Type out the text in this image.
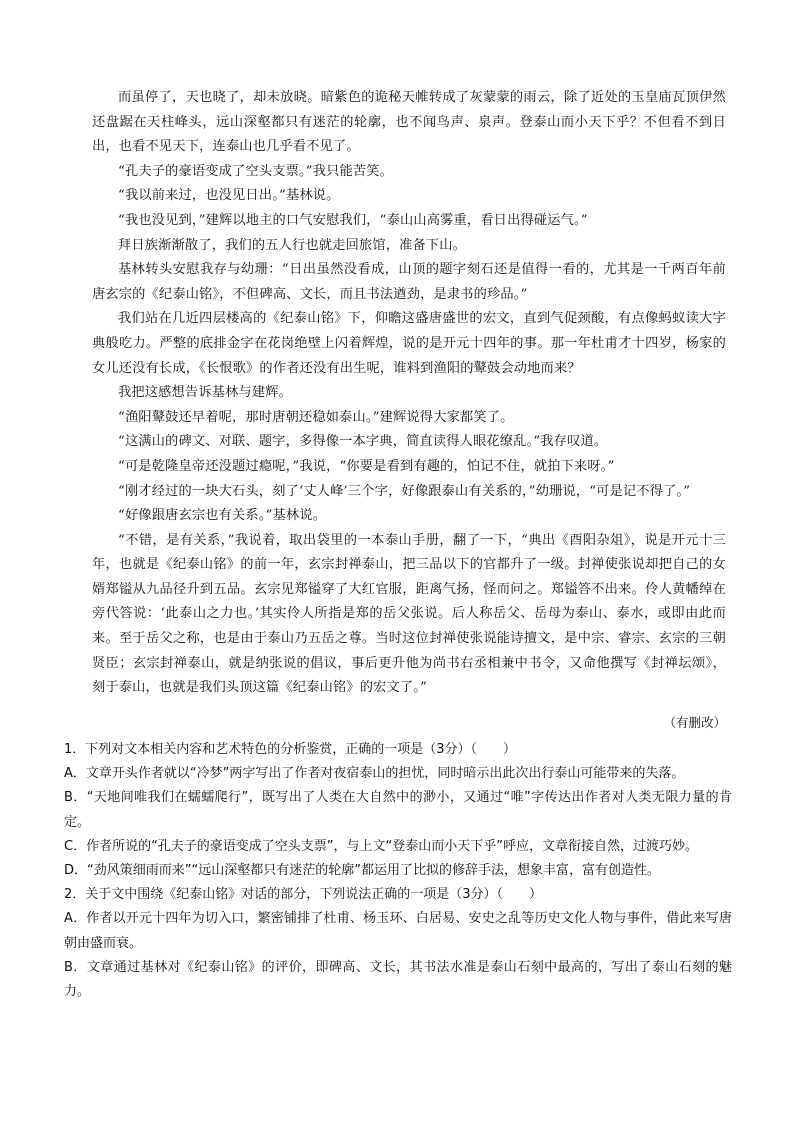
而虽停了，天也晓了，却未放晓。暗紫色的诡秘天帷转成了灰蒙蒙的雨云，除了近处的玉皇庙瓦顶伊然还盘踞在天柱峰头，远山深壑都只有迷茫的轮廓，也不闻鸟声、泉声。登泰山而小天下乎？不但看不到日出，也看不见天下，连泰山也几乎看不见了。

“孔夫子的豪语变成了空头支票。”我只能苦笑。

“我以前来过，也没见日出。”基林说。

“我也没见到，”建辉以地主的口气安慰我们，“泰山山高雾重，看日出得碰运气。”

拜日族渐渐散了，我们的五人行也就走回旅馆，准备下山。

基林转头安慰我存与幼珊：“日出虽然没看成，山顶的题字刻石还是值得一看的，尤其是一千两百年前唐玄宗的《纪泰山铭》，不但碑高、文长，而且书法遒劲，是隶书的珍品。”

我们站在几近四层楼高的《纪泰山铭》下，仰瞻这盛唐盛世的宏文，直到气促颈酸，有点像蚂蚁读大字典般吃力。严整的底排金字在花岗绝壁上闪着辉煌，说的是开元十四年的事。那一年杜甫才十四岁，杨家的女儿还没有长成，《长恨歌》的作者还没有出生呢，谁料到渔阳的鼙鼓会动地而来？

我把这感想告诉基林与建辉。

“渔阳鼙鼓还早着呢，那时唐朝还稳如泰山。”建辉说得大家都笑了。

“这满山的碑文、对联、题字，多得像一本字典，简直读得人眼花缭乱。”我存叹道。

“可是乾隆皇帝还没题过瘾呢，”我说，“你要是看到有趣的，怕记不住，就拍下来呀。”

“刚才经过的一块大石头，刻了‘丈人峰’三个字，好像跟泰山有关系的，”幼珊说，“可是记不得了。”

“好像跟唐玄宗也有关系。”基林说。

“不错，是有关系，”我说着，取出袋里的一本泰山手册，翻了一下，“典出《酉阳杂俎》，说是开元十三年，也就是《纪泰山铭》的前一年，玄宗封禅泰山，把三品以下的官都升了一级。封禅使张说却把自己的女婿郑镒从九品径升到五品。玄宗见郑镒穿了大红官服，距离气扬，怪而问之。郑镒答不出来。伶人黄幡绰在旁代答说：‘此泰山之力也。’其实伶人所指是郑的岳父张说。后人称岳父、岳母为泰山、泰水，或即由此而来。至于岳父之称，也是由于泰山乃五岳之尊。当时这位封禅使张说能诗擅文，是中宗、睿宗、玄宗的三朝贤臣；玄宗封禅泰山，就是纳张说的倡议，事后更升他为尚书右丞相兼中书令，又命他撰写《封禅坛颂》，刻于泰山，也就是我们头顶这篇《纪泰山铭》的宏文了。”

（有删改）

1．下列对文本相关内容和艺术特色的分析鉴赏，正确的一项是（3分）（　　）

A．文章开头作者就以“冷梦”两字写出了作者对夜宿泰山的担忧，同时暗示出此次出行泰山可能带来的失落。

B．“天地间唯我们在蠕蠕爬行”，既写出了人类在大自然中的渺小，又通过“唯”字传达出作者对人类无限力量的肯定。

C．作者所说的“孔夫子的豪语变成了空头支票”，与上文“登泰山而小天下乎”呼应，文章衔接自然，过渡巧妙。

D．“劲风策细雨而来”“远山深壑都只有迷茫的轮廓”都运用了比拟的修辞手法，想象丰富，富有创造性。

2．关于文中围绕《纪泰山铭》对话的部分，下列说法正确的一项是（3分）（　　）

A．作者以开元十四年为切入口，繁密铺排了杜甫、杨玉环、白居易、安史之乱等历史文化人物与事件，借此来写唐朝由盛而衰。

B．文章通过基林对《纪泰山铭》的评价，即碑高、文长，其书法水准是泰山石刻中最高的，写出了泰山石刻的魅力。
